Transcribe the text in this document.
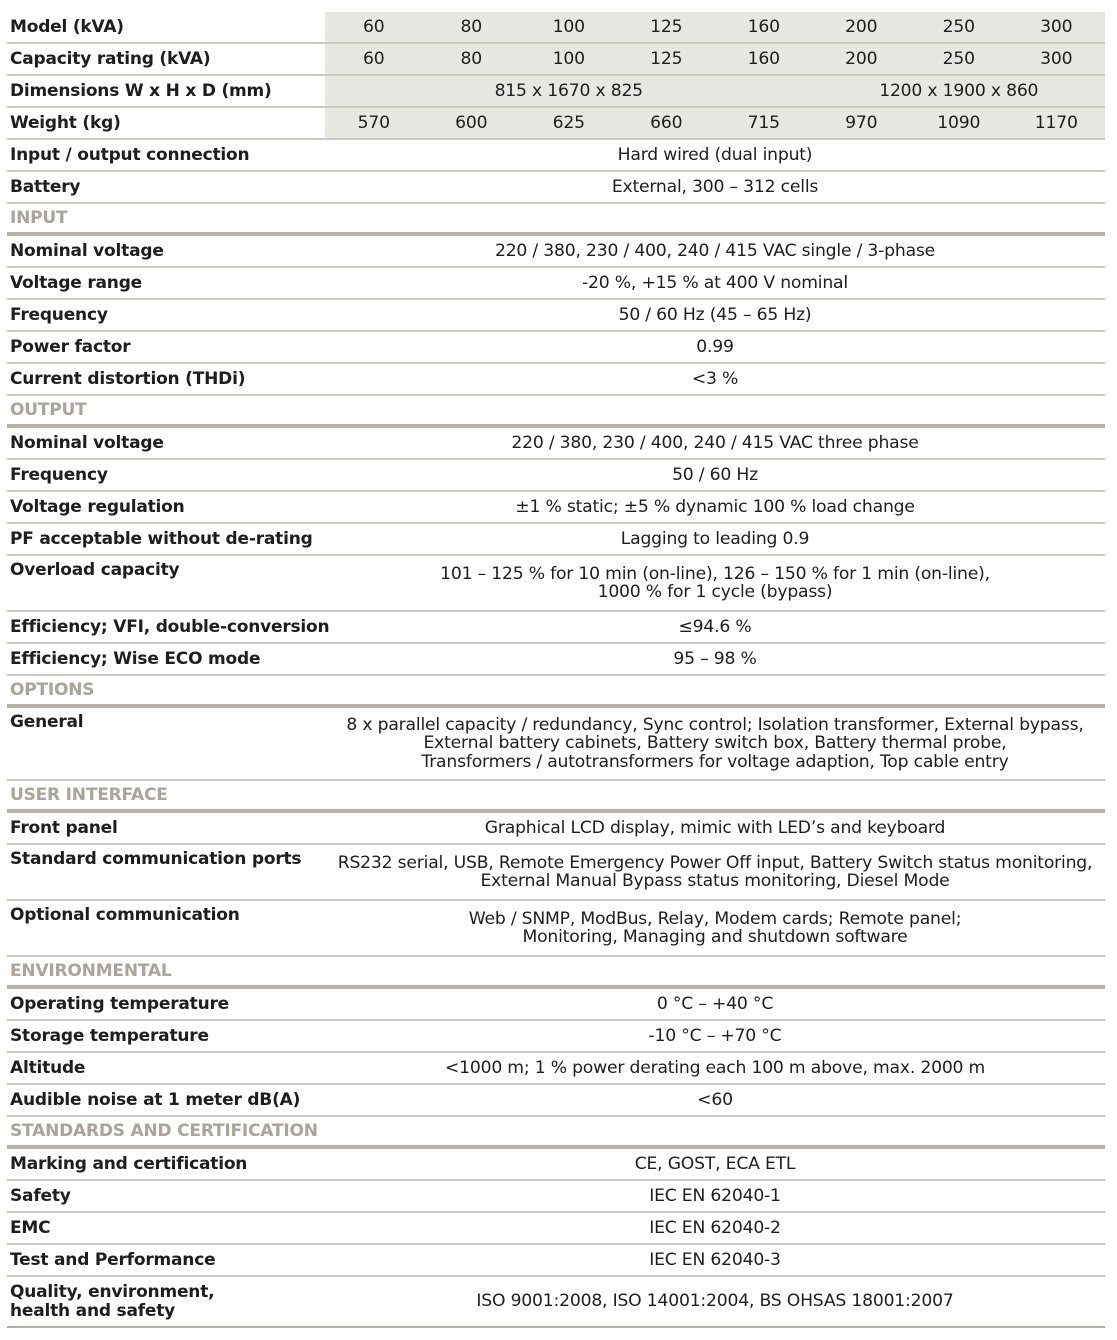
Model (kVA)	60	80	100	125	160	200	250	300
Capacity rating (kVA)	60	80	100	125	160	200	250	300
Dimensions W x H x D (mm)	815 x 1670 x 825					1200 x 1900 x 860		
Weight (kg)	570	600	625	660	715	970	1090	1170
Input / output connection	Hard wired (dual input)							
Battery	External, 300 – 312 cells							
INPUT								
Nominal voltage	220 / 380, 230 / 400, 240 / 415 VAC single / 3-phase							
Voltage range	-20 %, +15 % at 400 V nominal							
Frequency	50 / 60 Hz (45 – 65 Hz)							
Power factor	0.99							
Current distortion (THDi)	<3 %							
OUTPUT								
Nominal voltage	220 / 380, 230 / 400, 240 / 415 VAC three phase							
Frequency	50 / 60 Hz							
Voltage regulation	±1 % static; ±5 % dynamic 100 % load change							
PF acceptable without de-rating	Lagging to leading 0.9							
Overload capacity	101 – 125 % for 10 min (on-line), 126 – 150 % for 1 min (on-line),
1000 % for 1 cycle (bypass)							

Efficiency; VFI, double-conversion	≤94.6 %							
Efficiency; Wise ECO mode	95 – 98 %							
OPTIONS								
General	8 x parallel capacity / redundancy, Sync control; Isolation transformer, External bypass,
External battery cabinets, Battery switch box, Battery thermal probe,
Transformers / autotransformers for voltage adaption, Top cable entry							

USER INTERFACE								
Front panel	Graphical LCD display, mimic with LED’s and keyboard							
Standard communication ports	RS232 serial, USB, Remote Emergency Power Off input, Battery Switch status monitoring,
External Manual Bypass status monitoring, Diesel Mode							

Optional communication	Web / SNMP, ModBus, Relay, Modem cards; Remote panel;
Monitoring, Managing and shutdown software							

ENVIRONMENTAL								
Operating temperature	0 °C – +40 °C							
Storage temperature	-10 °C – +70 °C							
Altitude	<1000 m; 1 % power derating each 100 m above, max. 2000 m							
Audible noise at 1 meter dB(A)	<60							
STANDARDS AND CERTIFICATION								
Marking and certification	CE, GOST, ECA ETL							
Safety	IEC EN 62040-1							
EMC	IEC EN 62040-2							
Test and Performance	IEC EN 62040-3							

Quality, environment,
health and safety	ISO 9001:2008, ISO 14001:2004, BS OHSAS 18001:2007							
